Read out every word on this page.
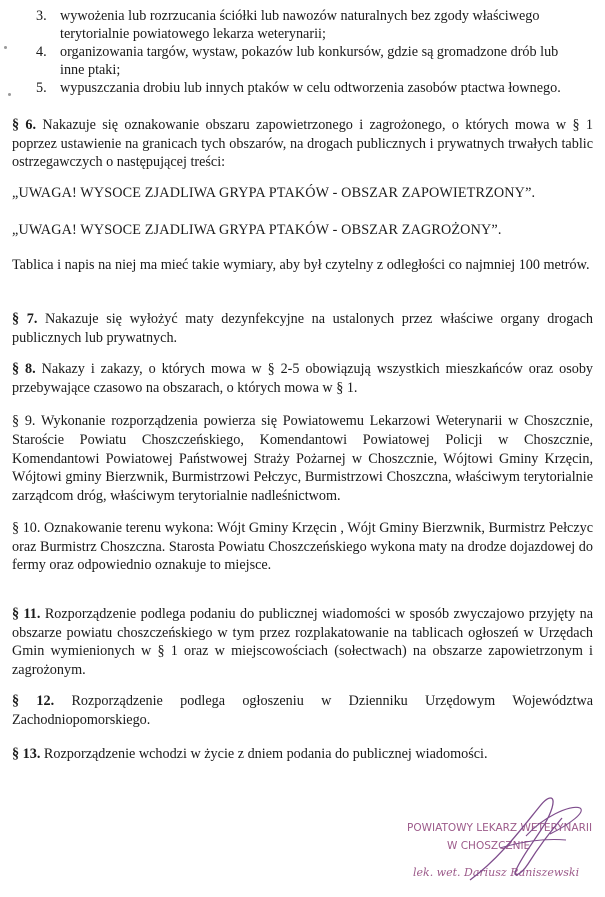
3. wywożenia lub rozrzucania ściółki lub nawozów naturalnych bez zgody właściwego terytorialnie powiatowego lekarza weterynarii;
4. organizowania targów, wystaw, pokazów lub konkursów, gdzie są gromadzone drób lub inne ptaki;
5. wypuszczania drobiu lub innych ptaków w celu odtworzenia zasobów ptactwa łownego.
§ 6. Nakazuje się oznakowanie obszaru zapowietrzonego i zagrożonego, o których mowa w § 1 poprzez ustawienie na granicach tych obszarów, na drogach publicznych i prywatnych trwałych tablic ostrzegawczych o następującej treści:
„UWAGA! WYSOCE ZJADLIWA GRYPA PTAKÓW - OBSZAR ZAPOWIETRZONY”.
„UWAGA! WYSOCE ZJADLIWA GRYPA PTAKÓW - OBSZAR ZAGROŻONY”.
Tablica i napis na niej ma mieć takie wymiary, aby był czytelny z odległości co najmniej 100 metrów.
§ 7. Nakazuje się wyłożyć maty dezynfekcyjne na ustalonych przez właściwe organy drogach publicznych lub prywatnych.
§ 8. Nakazy i zakazy, o których mowa w § 2-5 obowiązują wszystkich mieszkańców oraz osoby przebywające czasowo na obszarach, o których mowa w § 1.
§ 9. Wykonanie rozporządzenia powierza się Powiatowemu Lekarzowi Weterynarii w Choszcznie, Staroście Powiatu Choszczeńskiego, Komendantowi Powiatowej Policji w Choszcznie, Komendantowi Powiatowej Państwowej Straży Pożarnej w Choszcznie, Wójtowi Gminy Krzęcin, Wójtowi gminy Bierzwnik, Burmistrzowi Pełczyc, Burmistrzowi Choszczna, właściwym terytorialnie zarządcom dróg, właściwym terytorialnie nadleśnictwom.
§ 10. Oznakowanie terenu wykona: Wójt Gminy Krzęcin , Wójt Gminy Bierzwnik, Burmistrz Pełczyc oraz Burmistrz Choszczna. Starosta Powiatu Choszczeńskiego wykona maty na drodze dojazdowej do fermy oraz odpowiednio oznakuje to miejsce.
§ 11. Rozporządzenie podlega podaniu do publicznej wiadomości w sposób zwyczajowo przyjęty na obszarze powiatu choszczeńskiego w tym przez rozplakatowanie na tablicach ogłoszeń w Urzędach Gmin wymienionych w § 1 oraz w miejscowościach (sołectwach) na obszarze zapowietrzonym i zagrożonym.
§ 12. Rozporządzenie podlega ogłoszeniu w Dzienniku Urzędowym Województwa Zachodniopomorskiego.
§ 13. Rozporządzenie wchodzi w życie z dniem podania do publicznej wiadomości.
POWIATOWY LEKARZ WETERYNARII
W CHOSZCZNIE
lek. wet. Dariusz Raniszewski
